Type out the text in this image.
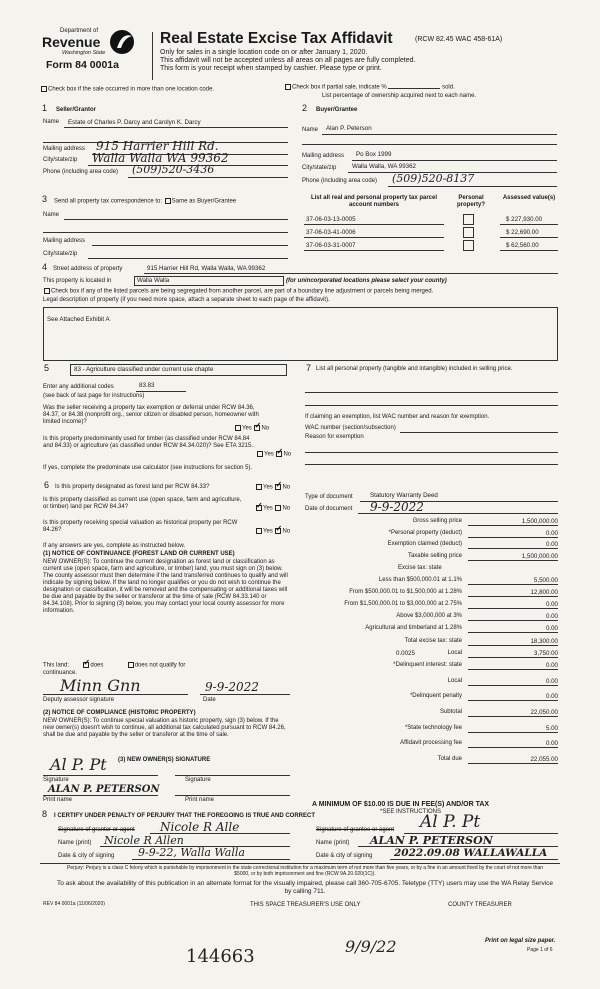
Department of
Revenue
Washington State
Form 84 0001a
Real Estate Excise Tax Affidavit	(RCW 82.45 WAC 458-61A)
Only for sales in a single location code on or after January 1, 2020.
This affidavit will not be accepted unless all areas on all pages are fully completed.
This form is your receipt when stamped by cashier. Please type or print.
Check box if the sale occurred in more than one location code.	Check box if partial sale, indicate %	sold.
List percentage of ownership acquired next to each name.
1 Seller/Grantor
Name Estate of Charles P. Darcy and Carolyn K. Darcy
Mailing address 915 Harrier Hill Rd.
City/state/zip Walla Walla WA 99362
Phone (including area code) (509)520-3436
2 Buyer/Grantee
Name Alan P. Peterson
Mailing address Po Box 1999
City/state/zip	Walla Walla, WA 99362
Phone (including area code) (509)520-8137
3 Send all property tax correspondence to: Same as Buyer/Grantee
Name
Mailing address
City/state/zip
List all real and personal property tax parcel account numbers
Personal property?
Assessed value(s)
37-06-03-13-0005	$ 227,930.00
37-06-03-41-0006	$ 22,690.00
37-06-03-31-0007	$ 62,560.00
4 Street address of property	915 Harrier Hill Rd, Walla Walla, WA 99362
This property is located in	Walla Walla	(for unincorporated locations please select your county)
Check box if any of the listed parcels are being segregated from another parcel, are part of a boundary line adjustment or parcels being merged.
Legal description of property (if you need more space, attach a separate sheet to each page of the affidavit).
See Attached Exhibit A
5	83 - Agriculture classified under current use chapte
Enter any additional codes	83.83
(see back of last page for instructions)
Was the seller receiving a property tax exemption or deferral under RCW 84.36, 84.37, or 84.38 (nonprofit org., senior citizen or disabled person, homeowner with limited income)?
Yes ✓ No
Is this property predominantly used for timber (as classified under RCW 84.84 and 84.33) or agriculture (as classified under RCW 84.34.020)? See ETA 3215.
Yes ✓ No
If yes, complete the predominate use calculator (see instructions for section 5).
6 Is this property designated as forest land per RCW 84.33?	Yes ✓ No
Is this property classified as current use (open space, farm and agriculture, or timber) land per RCW 84.34? ✓	Yes No
Is this property receiving special valuation as historical property per RCW 84.26?	Yes ✓ No
If any answers are yes, complete as instructed below.
(1) NOTICE OF CONTINUANCE (FOREST LAND OR CURRENT USE)
NEW OWNER(S): To continue the current designation as forest land or classification as current use (open space, farm and agriculture, or timber) land, you must sign on (3) below. The county assessor must then determine if the land transferred continues to qualify and will indicate by signing below. If the land no longer qualifies or you do not wish to continue the designation or classification, it will be removed and the compensating or additional taxes will be due and payable by the seller or transferor at the time of sale (RCW 84.33.140 or 84.34.108). Prior to signing (3) below, you may contact your local county assessor for more information.
This land: ✓	does	does not qualify for
continuance.
Minn Gnn	9-9-2022
Deputy assessor signature	Date
(2) NOTICE OF COMPLIANCE (HISTORIC PROPERTY)
NEW OWNER(S): To continue special valuation as historic property, sign (3) below. If the new owner(s) doesn't wish to continue, all additional tax calculated pursuant to RCW 84.26, shall be due and payable by the seller or transferor at the time of sale.
(3) NEW OWNER(S) SIGNATURE
Al P. Pt
Signature	Signature
ALAN P. PETERSON
Print name	Print name
7 List all personal property (tangible and intangible) included in selling price.
If claiming an exemption, list WAC number and reason for exemption.
WAC number (section/subsection)
Reason for exemption
Type of document	Statutory Warranty Deed
Date of document 9-9-2022
Gross selling price	1,500,000.00
*Personal property (deduct)	0.00
Exemption claimed (deduct)	0.00
Taxable selling price	1,500,000.00
Excise tax: state
Less than $500,000.01 at 1.1%	5,500.00
From $500,000.01 to $1,500,000 at 1.28%	12,800.00
From $1,500,000.01 to $3,000,000 at 2.75%	0.00
Above $3,000,000 at 3%	0.00
Agricultural and timberland at 1.28%	0.00
Total excise tax: state	18,300.00
0.0025	Local	3,750.00
*Delinquent interest: state	0.00
Local	0.00
*Delinquent penalty	0.00
Subtotal	22,050.00
*State technology fee	5.00
Affidavit processing fee	0.00
Total due	22,055.00
A MINIMUM OF $10.00 IS DUE IN FEE(S) AND/OR TAX
*SEE INSTRUCTIONS
8 I CERTIFY UNDER PENALTY OF PERJURY THAT THE FOREGOING IS TRUE AND CORRECT
Signature of grantor or agent Nicole R Alle
Name (print) Nicole R Allen
Date & city of signing 9-9-22, Walla Walla
Signature of grantee or agent Al P. Pt
Name (print) ALAN P. PETERSON
Date & city of signing 2022.09.08 WALLAWALLA
Perjury: Perjury is a class C felony which is punishable by imprisonment in the state correctional institution for a maximum term of not more than five years, or by a fine in an amount fixed by the court of not more than $5000, or by both imprisonment and fine (RCW 9A.20.020(1C)).
To ask about the availability of this publication in an alternate format for the visually impaired, please call 360-705-6705. Teletype (TTY) users may use the WA Relay Service by calling 711.
REV 84 0001a (11/06/2020)	THIS SPACE TREASURER'S USE ONLY	COUNTY TREASURER
Print on legal size paper.
Page 1 of 6
144663	9/9/22
